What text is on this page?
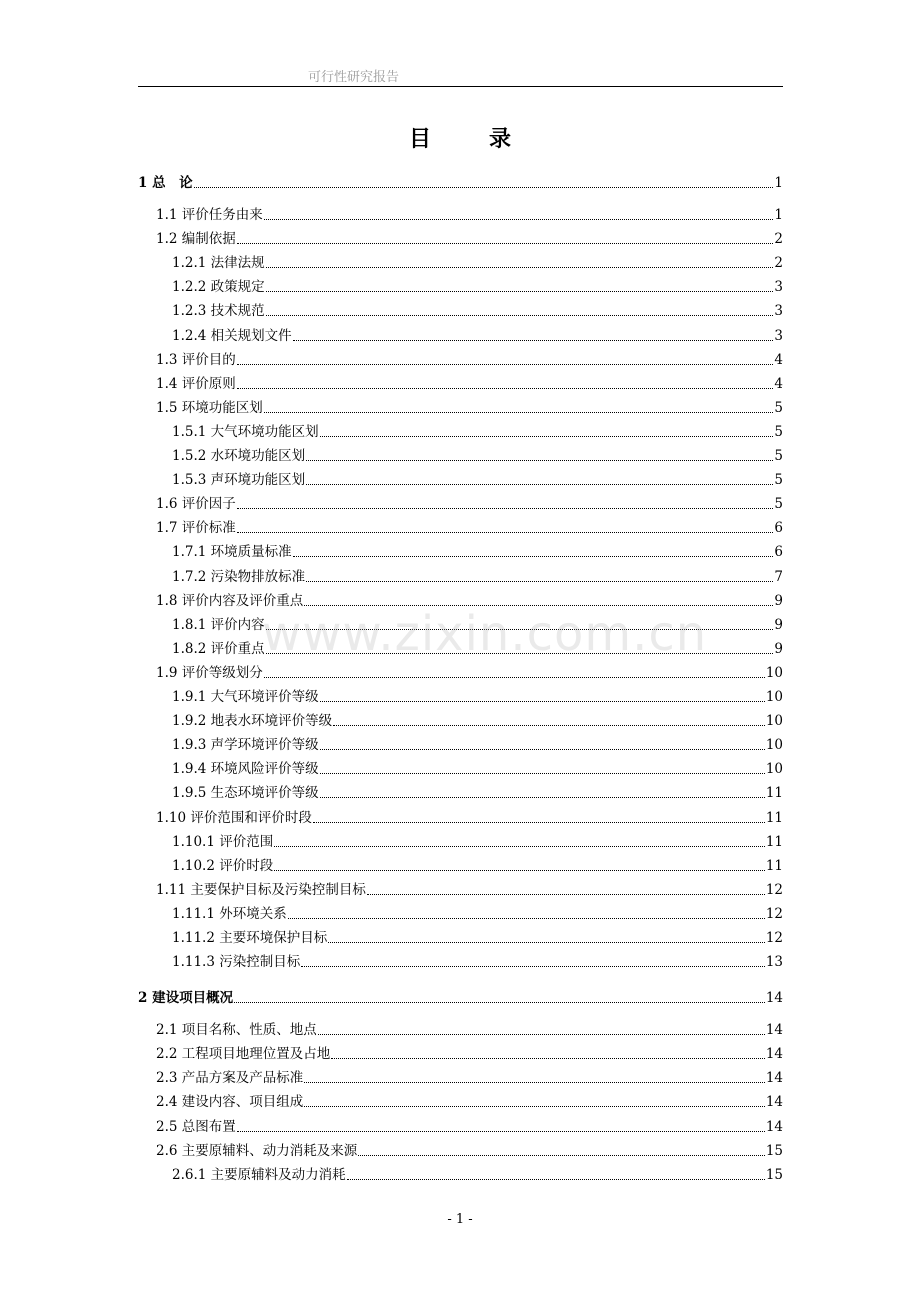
可行性研究报告
目录
1 总　论	1
1.1 评价任务由来	1
1.2 编制依据	2
1.2.1 法律法规	2
1.2.2 政策规定	3
1.2.3 技术规范	3
1.2.4 相关规划文件	3
1.3 评价目的	4
1.4 评价原则	4
1.5 环境功能区划	5
1.5.1 大气环境功能区划	5
1.5.2 水环境功能区划	5
1.5.3 声环境功能区划	5
1.6 评价因子	5
1.7 评价标准	6
1.7.1 环境质量标准	6
1.7.2 污染物排放标准	7
1.8 评价内容及评价重点	9
1.8.1 评价内容	9
1.8.2 评价重点	9
1.9 评价等级划分	10
1.9.1 大气环境评价等级	10
1.9.2 地表水环境评价等级	10
1.9.3 声学环境评价等级	10
1.9.4 环境风险评价等级	10
1.9.5 生态环境评价等级	11
1.10 评价范围和评价时段	11
1.10.1 评价范围	11
1.10.2 评价时段	11
1.11 主要保护目标及污染控制目标	12
1.11.1 外环境关系	12
1.11.2 主要环境保护目标	12
1.11.3 污染控制目标	13
2 建设项目概况	14
2.1 项目名称、性质、地点	14
2.2 工程项目地理位置及占地	14
2.3 产品方案及产品标准	14
2.4 建设内容、项目组成	14
2.5 总图布置	14
2.6 主要原辅料、动力消耗及来源	15
2.6.1 主要原辅料及动力消耗	15
www.zixin.com.cn
- 1 -
